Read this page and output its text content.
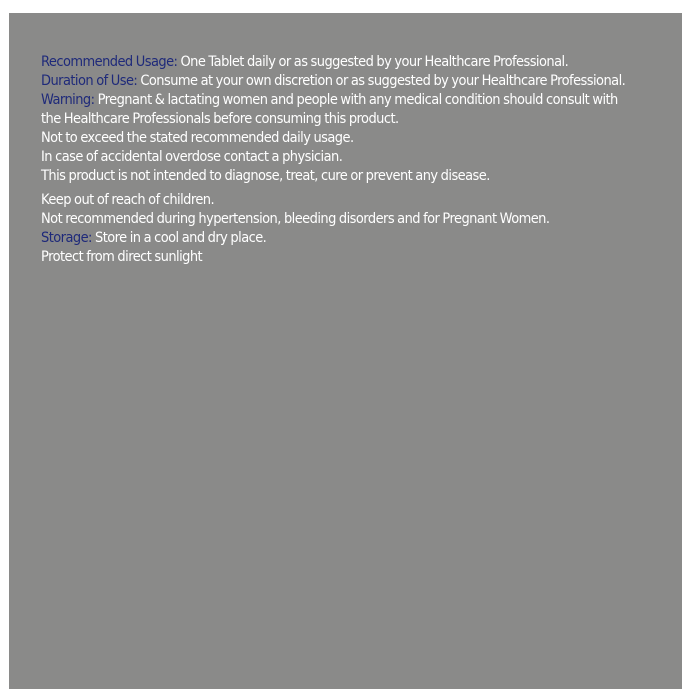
Recommended Usage: One Tablet daily or as suggested by your Healthcare Professional.
Duration of Use: Consume at your own discretion or as suggested by your Healthcare Professional.
Warning: Pregnant & lactating women and people with any medical condition should consult with the Healthcare Professionals before consuming this product.
Not to exceed the stated recommended daily usage.
In case of accidental overdose contact a physician.
This product is not intended to diagnose, treat, cure or prevent any disease.
Keep out of reach of children.
Not recommended during hypertension, bleeding disorders and for Pregnant Women.
Storage: Store in a cool and dry place.
Protect from direct sunlight
